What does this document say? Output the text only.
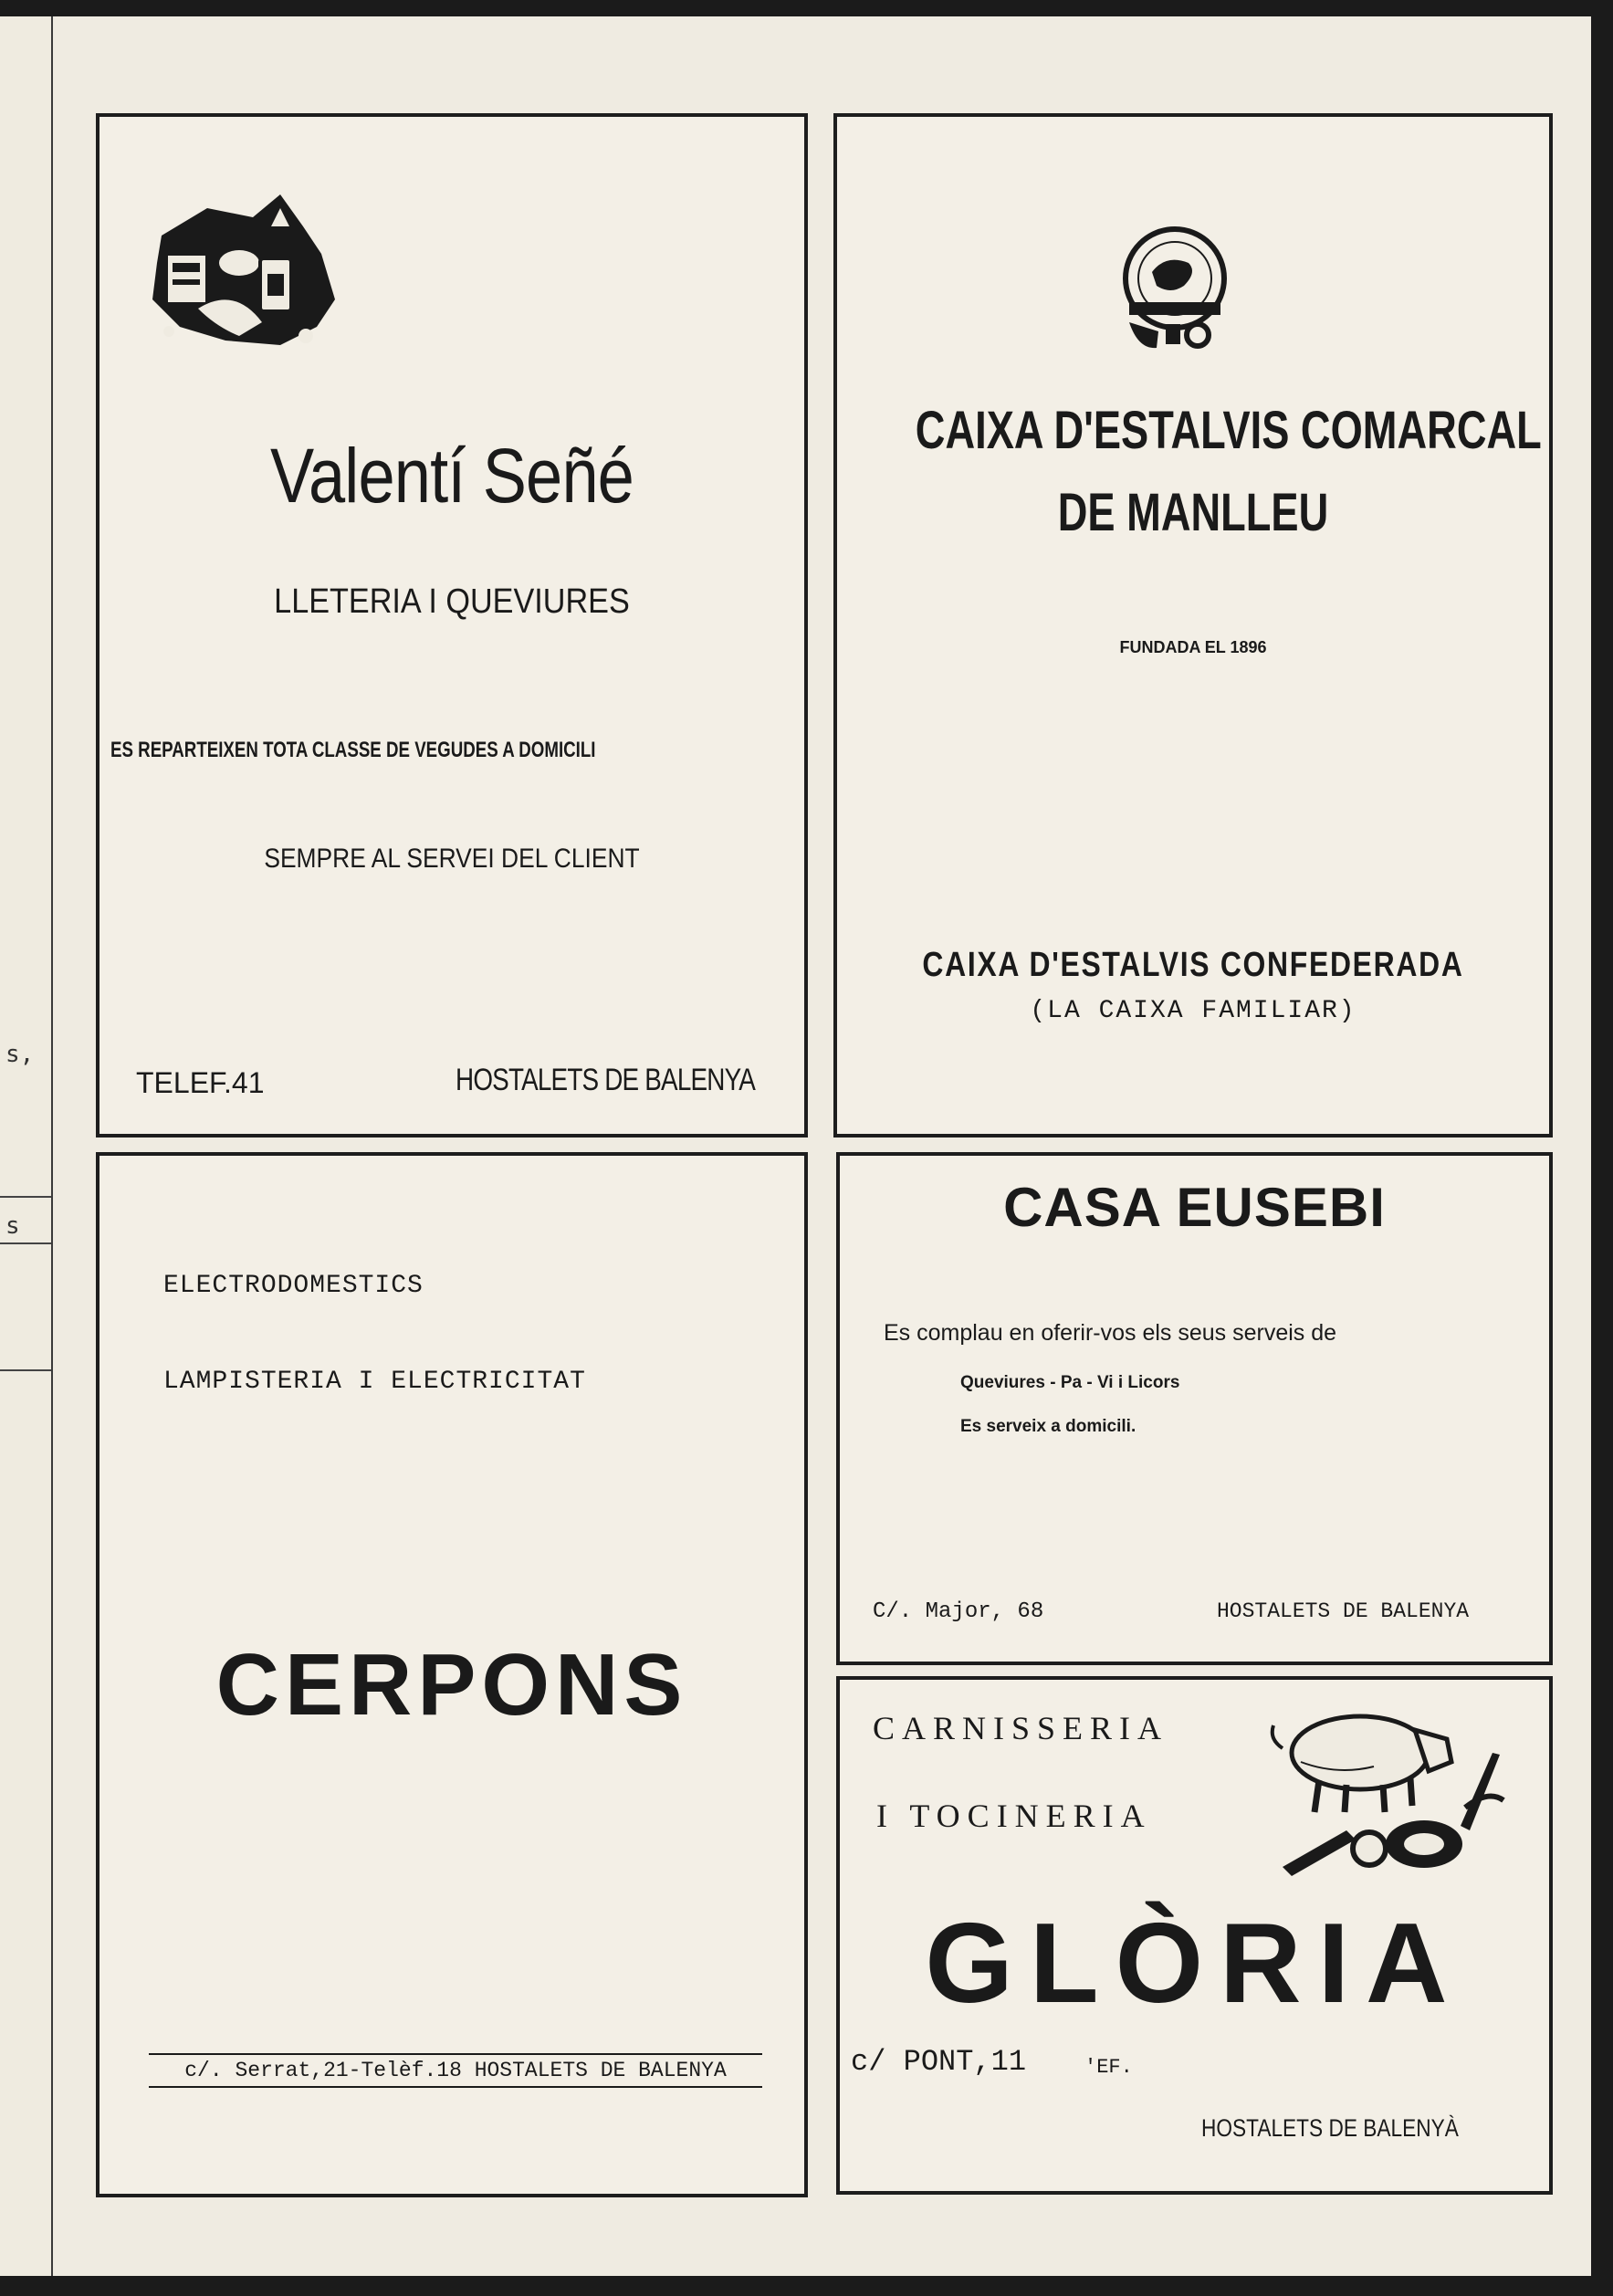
s,
s
Valentí Señé
LLETERIA I QUEVIURES
ES REPARTEIXEN TOTA CLASSE DE VEGUDES A DOMICILI
SEMPRE AL SERVEI DEL CLIENT
TELEF.41	HOSTALETS DE BALENYA
CAIXA D'ESTALVIS COMARCAL
DE MANLLEU
FUNDADA EL 1896
CAIXA D'ESTALVIS CONFEDERADA
(LA CAIXA FAMILIAR)
ELECTRODOMESTICS
LAMPISTERIA I ELECTRICITAT
CERPONS
c/. Serrat,21-Telèf.18 HOSTALETS DE BALENYA
CASA EUSEBI
Es complau en oferir-vos els seus serveis de
Queviures - Pa - Vi i Licors
Es serveix a domicili.
C/. Major, 68	HOSTALETS DE BALENYA
CARNISSERIA
I TOCINERIA
GLÒRIA
c/ PONT,11	'EF.
HOSTALETS DE BALENYÀ
